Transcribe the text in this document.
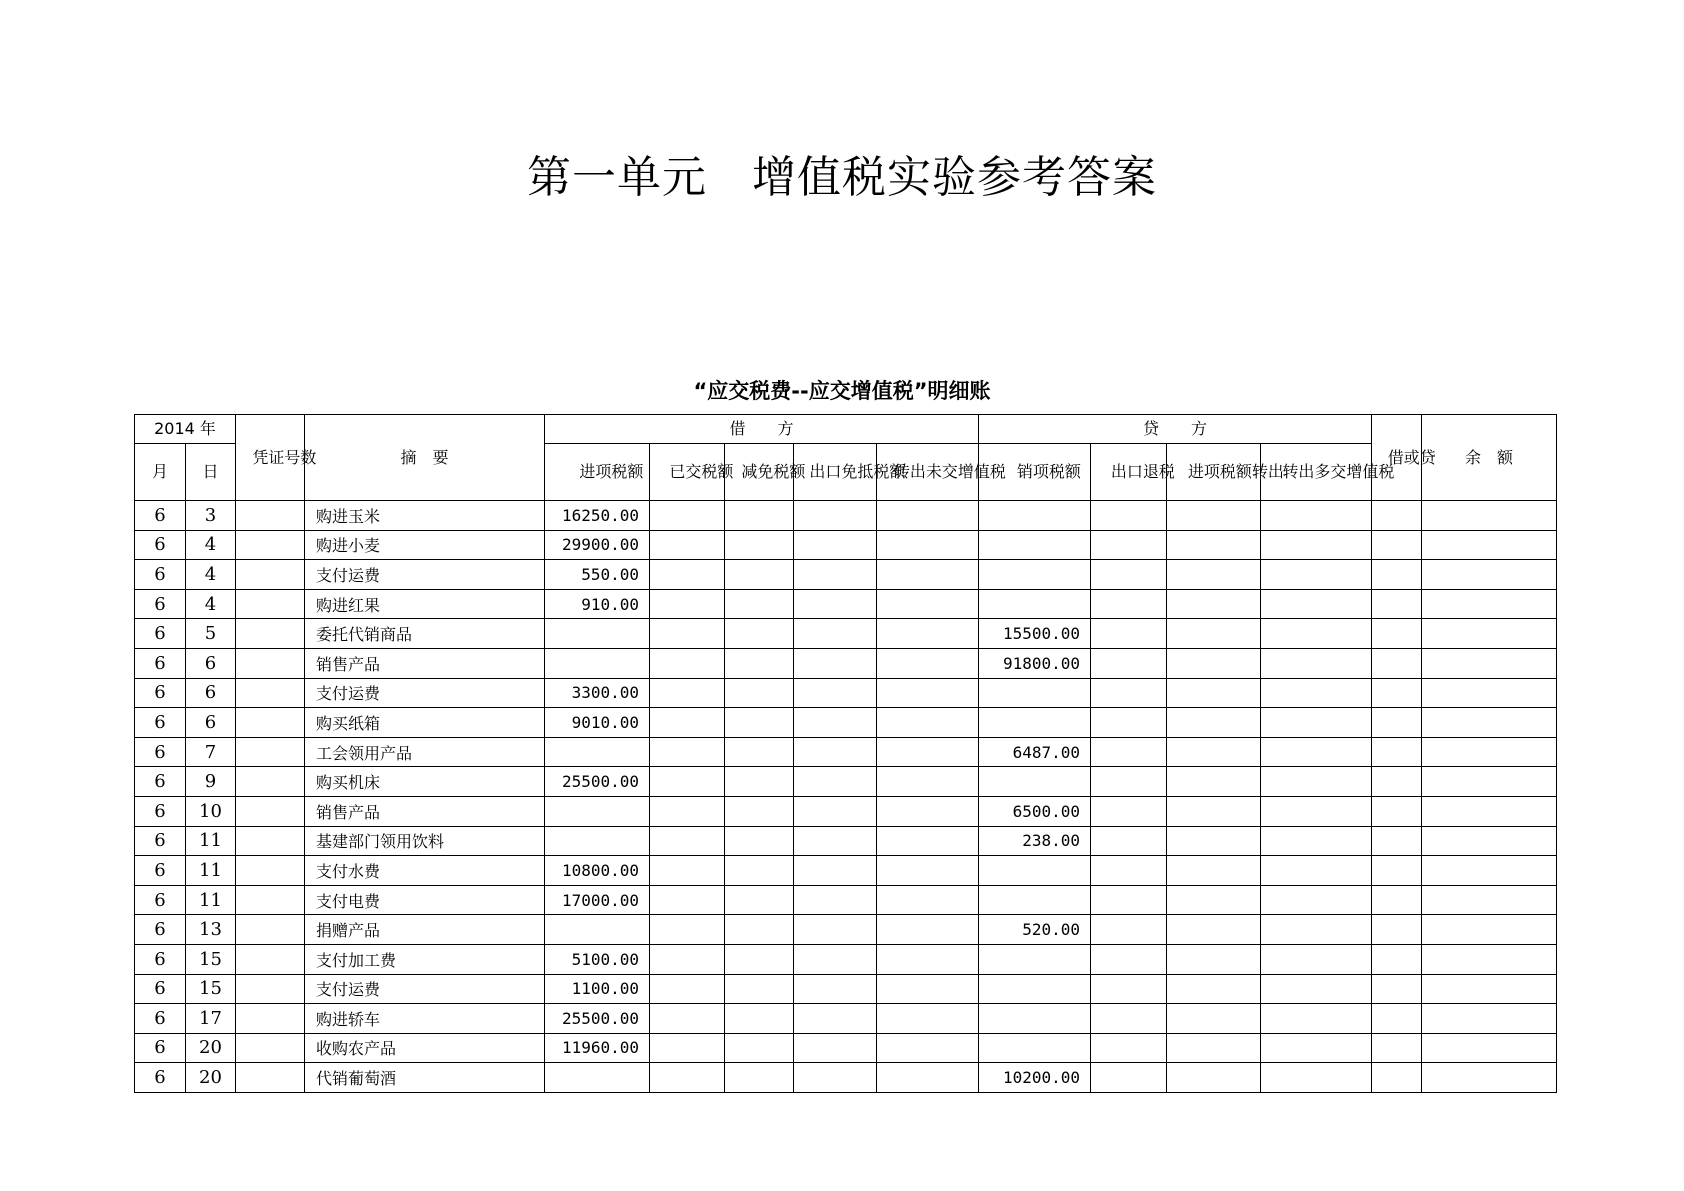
第一单元　增值税实验参考答案
“应交税费--应交增值税”明细账
2014 年		凭证号数	摘　要	借　　方					贷　　方				借或贷	余　额
月	日			进项税额	已交税额	减免税额	出口免抵税额	转出未交增值税	销项税额	出口退税	进项税额转出	转出多交增值税		
6	3		购进玉米	16250.00										
6	4		购进小麦	29900.00										
6	4		支付运费	550.00										
6	4		购进红果	910.00										
6	5		委托代销商品						15500.00					
6	6		销售产品						91800.00					
6	6		支付运费	3300.00										
6	6		购买纸箱	9010.00										
6	7		工会领用产品						6487.00					
6	9		购买机床	25500.00										
6	10		销售产品						6500.00					
6	11		基建部门领用饮料						238.00					
6	11		支付水费	10800.00										
6	11		支付电费	17000.00										
6	13		捐赠产品						520.00					
6	15		支付加工费	5100.00										
6	15		支付运费	1100.00										
6	17		购进轿车	25500.00										
6	20		收购农产品	11960.00										
6	20		代销葡萄酒						10200.00					
